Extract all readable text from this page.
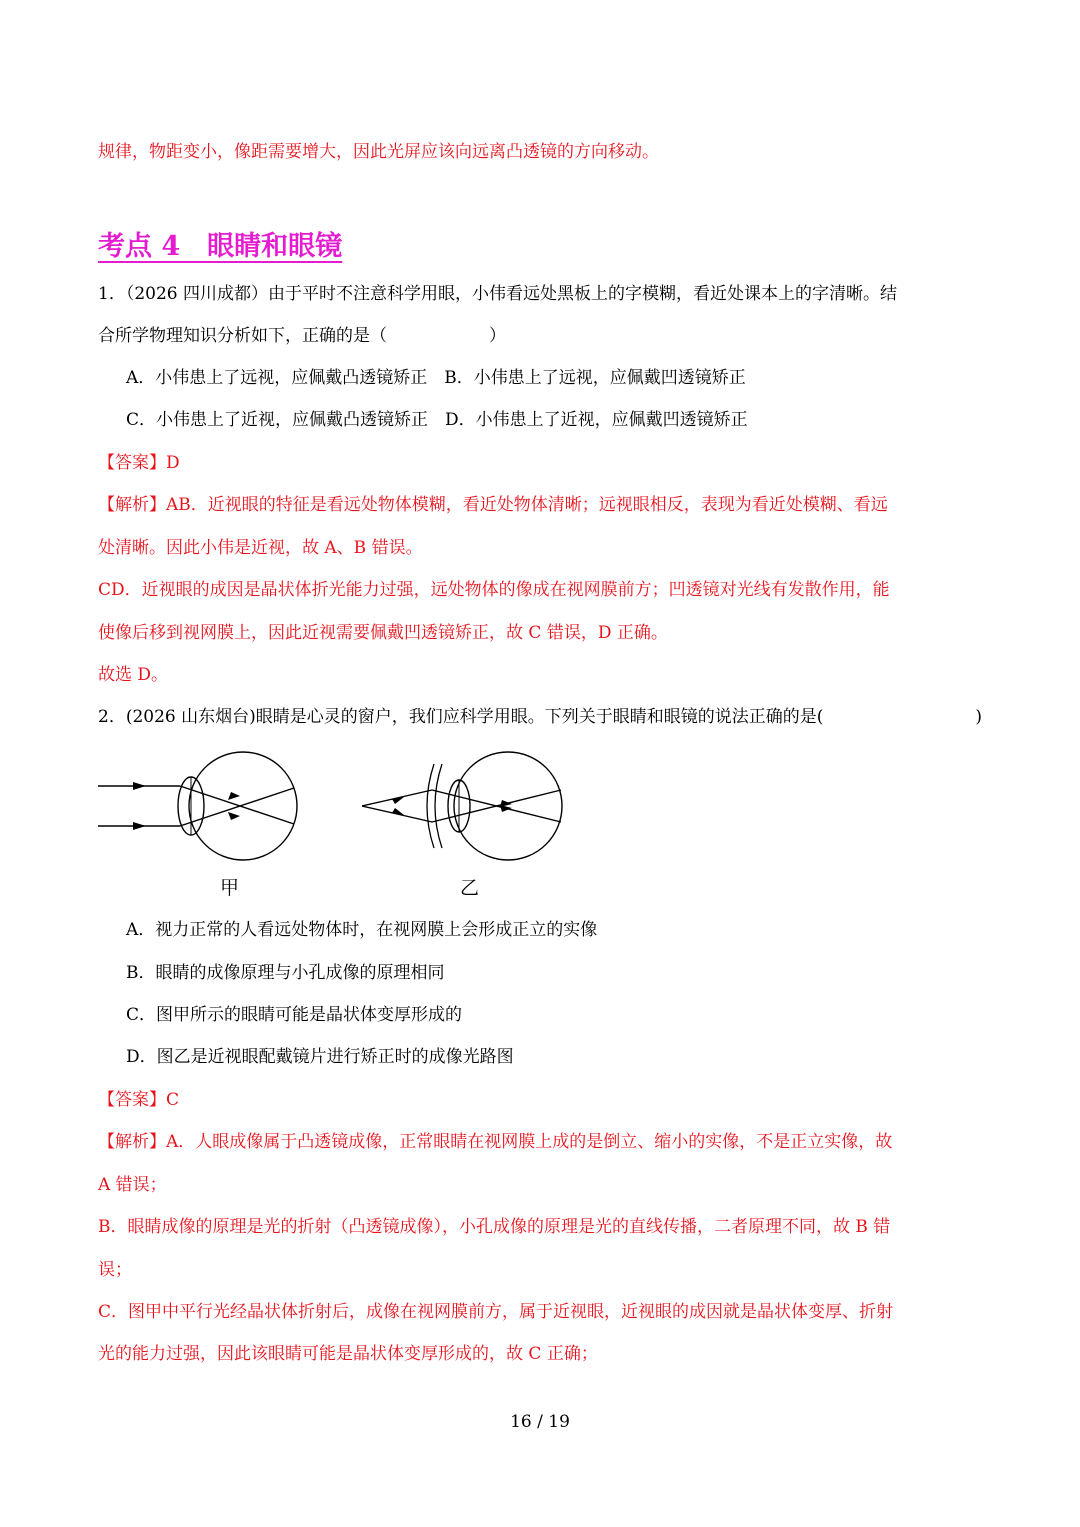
规律，物距变小，像距需要增大，因此光屏应该向远离凸透镜的方向移动。
考点 4　眼睛和眼镜
1．（2026 四川成都）由于平时不注意科学用眼，小伟看远处黑板上的字模糊，看近处课本上的字清晰。结
合所学物理知识分析如下，正确的是（　　　　　　）
A．小伟患上了远视，应佩戴凸透镜矫正　B．小伟患上了远视，应佩戴凹透镜矫正
C．小伟患上了近视，应佩戴凸透镜矫正　D．小伟患上了近视，应佩戴凹透镜矫正
【答案】D
【解析】AB．近视眼的特征是看远处物体模糊，看近处物体清晰；远视眼相反，表现为看近处模糊、看远
处清晰。因此小伟是近视，故 A、B 错误。
CD．近视眼的成因是晶状体折光能力过强，远处物体的像成在视网膜前方；凹透镜对光线有发散作用，能
使像后移到视网膜上，因此近视需要佩戴凹透镜矫正，故 C 错误，D 正确。
故选 D。
2．(2026 山东烟台)眼睛是心灵的窗户，我们应科学用眼。下列关于眼睛和眼镜的说法正确的是(	)
甲	乙
A．视力正常的人看远处物体时，在视网膜上会形成正立的实像
B．眼睛的成像原理与小孔成像的原理相同
C．图甲所示的眼睛可能是晶状体变厚形成的
D．图乙是近视眼配戴镜片进行矫正时的成像光路图
【答案】C
【解析】A．人眼成像属于凸透镜成像，正常眼睛在视网膜上成的是倒立、缩小的实像，不是正立实像，故
A 错误；
B．眼睛成像的原理是光的折射（凸透镜成像），小孔成像的原理是光的直线传播，二者原理不同，故 B 错
误；
C．图甲中平行光经晶状体折射后，成像在视网膜前方，属于近视眼，近视眼的成因就是晶状体变厚、折射
光的能力过强，因此该眼睛可能是晶状体变厚形成的，故 C 正确；
16 / 19
